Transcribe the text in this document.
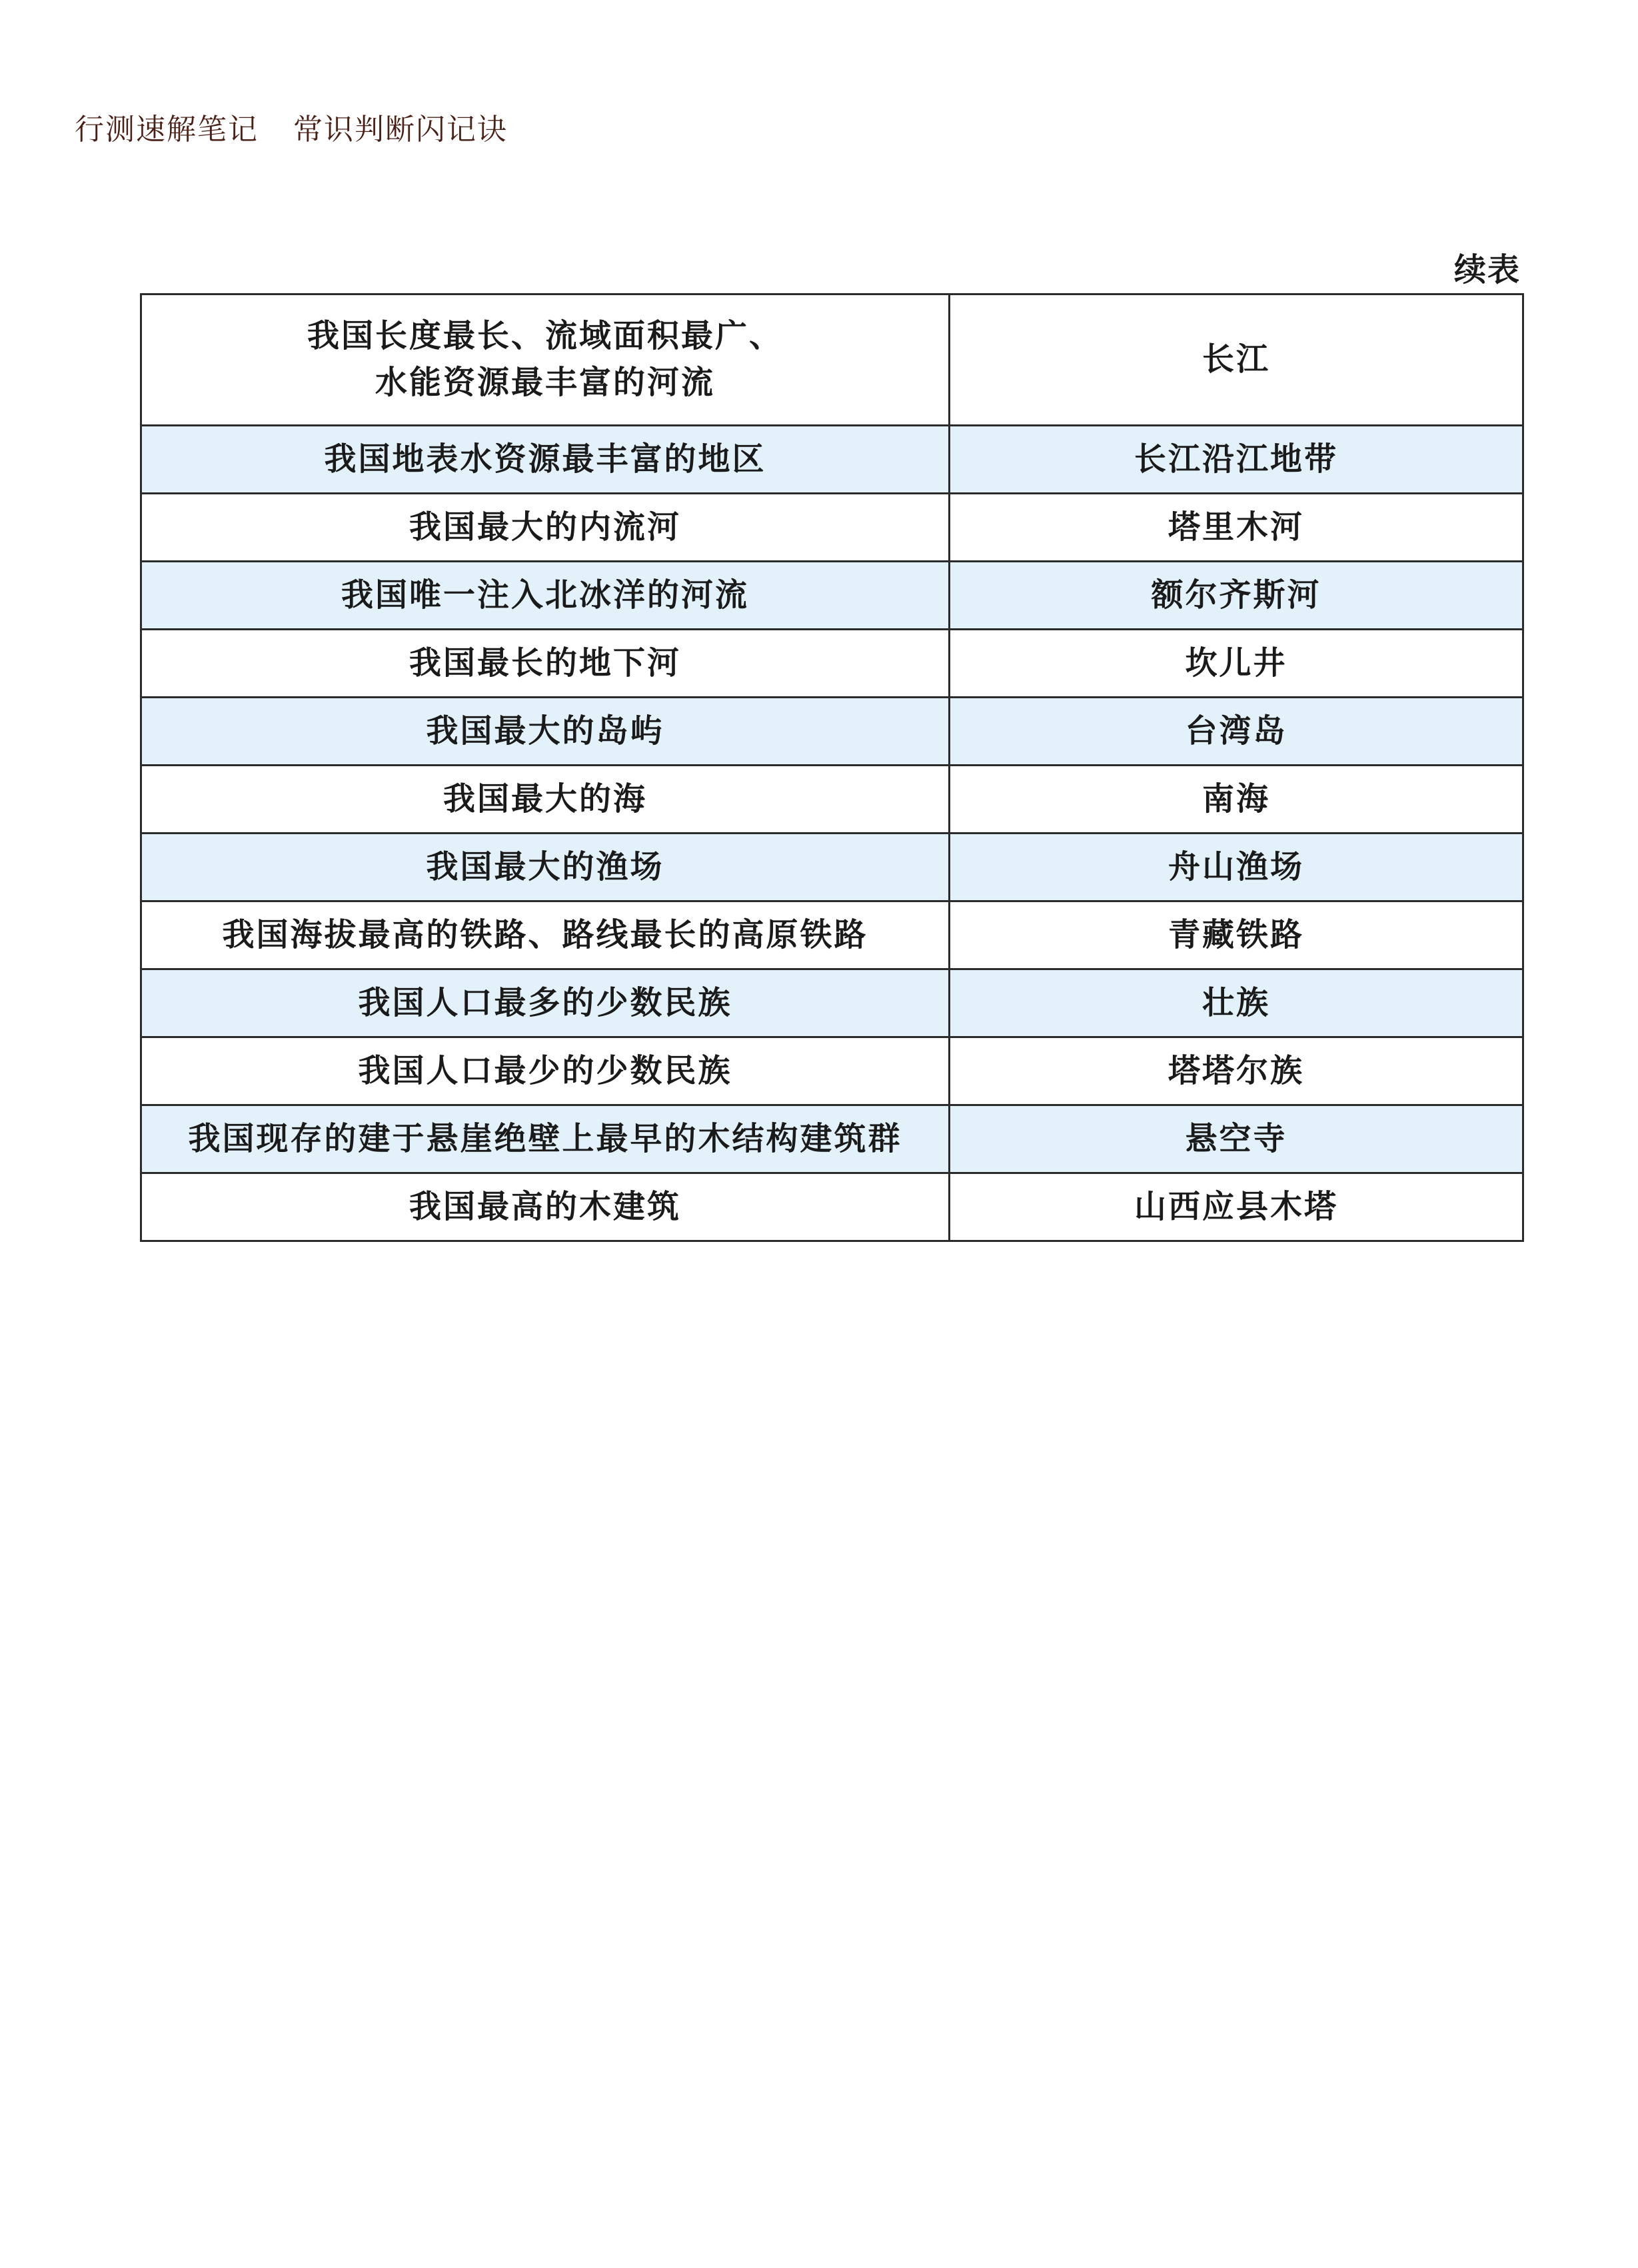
行测速解笔记 常识判断闪记诀
续表
我国长度最长、流域面积最广、
水能资源最丰富的河流	长江
我国地表水资源最丰富的地区	长江沿江地带
我国最大的内流河	塔里木河
我国唯一注入北冰洋的河流	额尔齐斯河
我国最长的地下河	坎儿井
我国最大的岛屿	台湾岛
我国最大的海	南海
我国最大的渔场	舟山渔场
我国海拔最高的铁路、路线最长的高原铁路	青藏铁路
我国人口最多的少数民族	壮族
我国人口最少的少数民族	塔塔尔族
我国现存的建于悬崖绝壁上最早的木结构建筑群	悬空寺
我国最高的木建筑	山西应县木塔
